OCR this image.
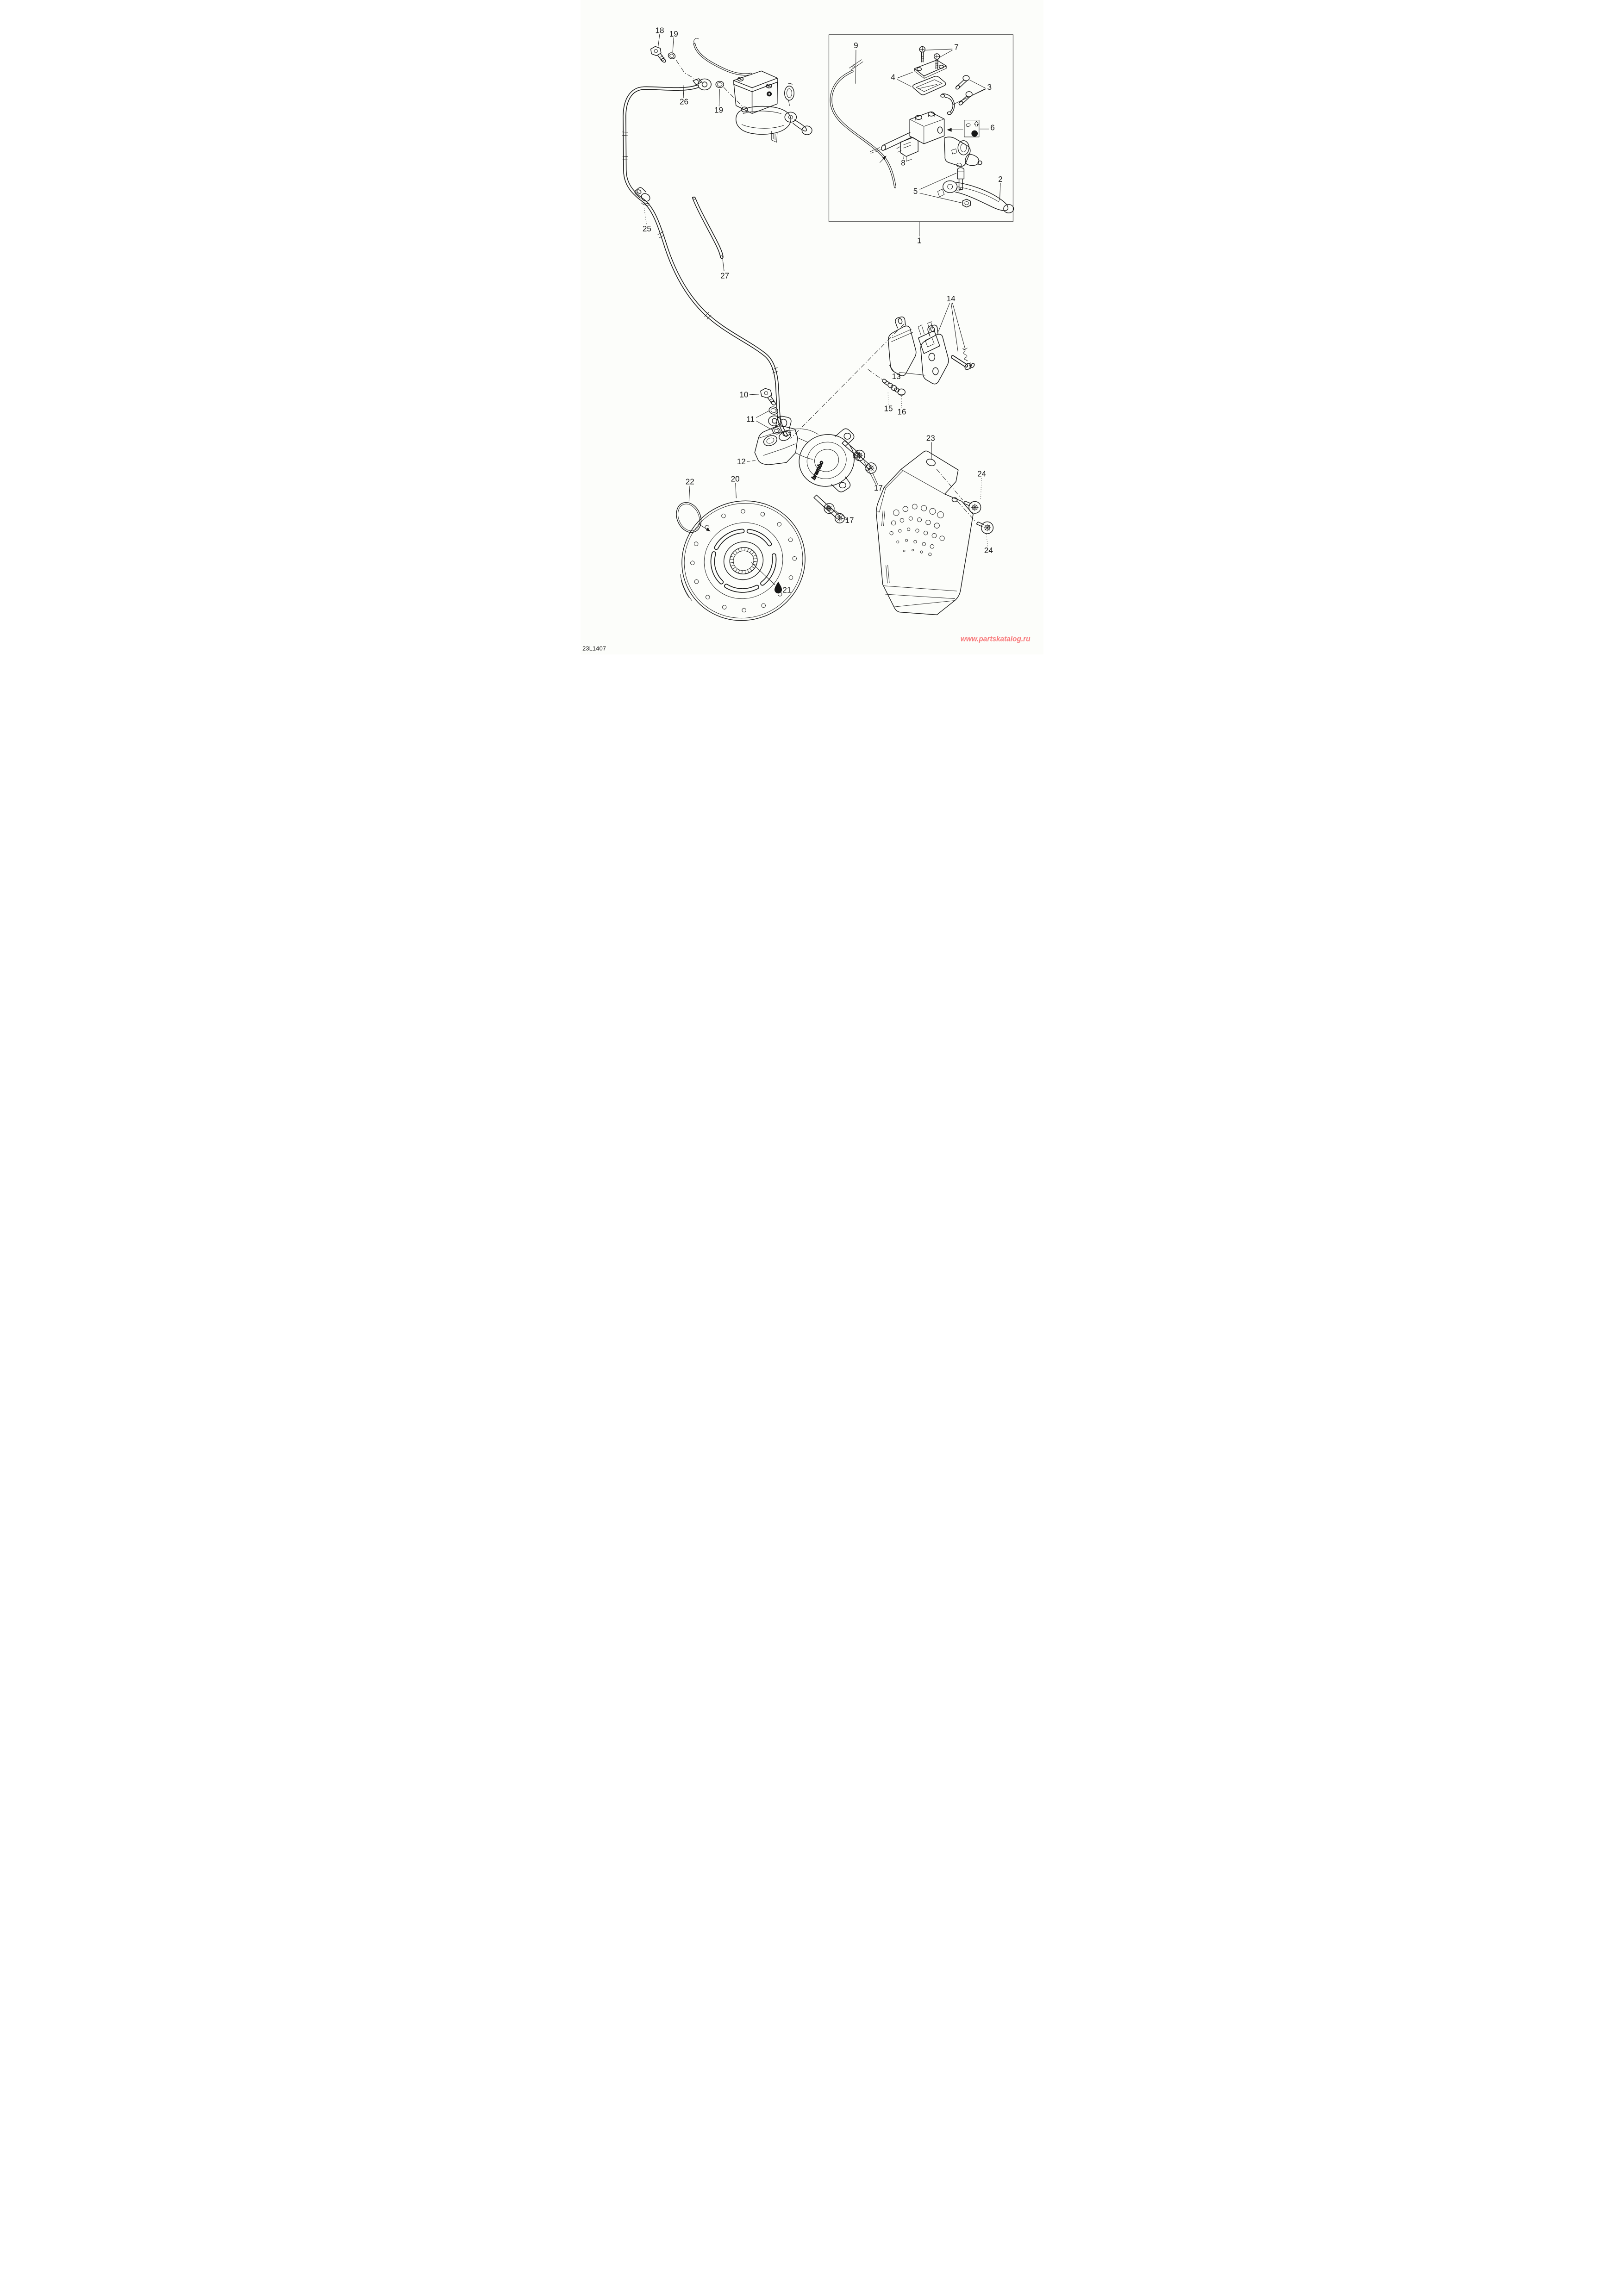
MIN
brembo
18 19
26
19
25
27
9	7
4
3
6
8
5
2
1
14
13
15 16
10
11
12
20
22
21
23
24
24
17
17
23L1407
www.partskatalog.ru
